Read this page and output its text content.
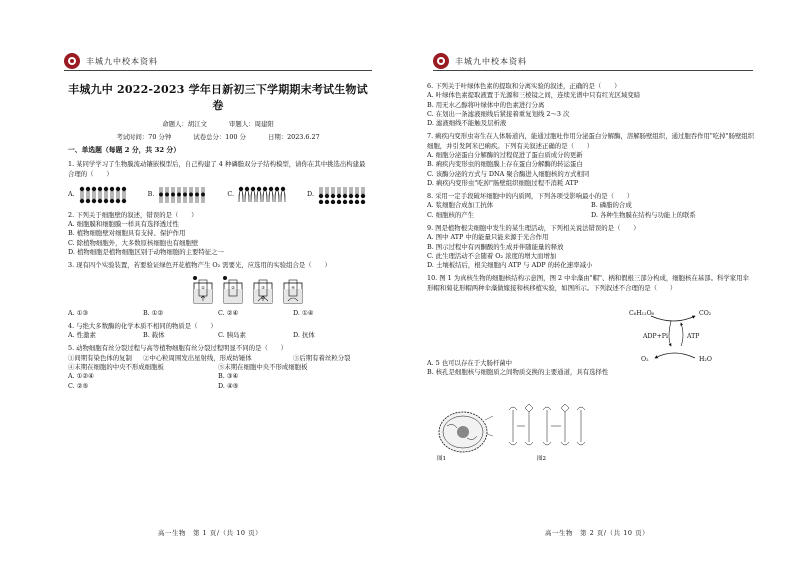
丰城九中校本资料
丰城九中 2022-2023 学年日新初三下学期期末考试生物试卷
命题人：胡江文	审题人：周建阳
考试时间：70 分钟	试卷总分：100 分	日期：2023.6.27
一、单选题（每题 2 分，共 32 分）
1. 某同学学习了生物膜流动镶嵌模型后，自己构建了 4 种磷脂双分子结构模型，请你在其中挑选出构建最合理的（　　）
A.	B.	C.	D.
2. 下列关于细胞壁的叙述，错误的是（　　）
A. 细胞膜和细胞膜一样具有选择透过性
B. 植物细胞壁对细胞具有支持、保护作用
C. 除植物细胞外，大多数原核细胞也有细胞壁
D. 植物细胞是植物细胞区别于动物细胞的主要特征之一
3. 现有四个实验装置，若要验证绿色开花植物产生 O₂ 需要光，应选用的实验组合是（　　）
①	②	③	④
A. ①③	B. ①②	C. ②④	D. ①④
4. 与绝大多数酶的化学本质不相同的物质是（　　）
A. 性激素	B. 载体	C. 胰岛素	D. 抗体
5. 动物细胞有丝分裂过程与高等植物细胞有丝分裂过程明显不同的是（　　）
①间期有染色体的复制	②中心粒周围发出星射线，形成纺锤体	③后期有着丝粒分裂
④末期在细胞的中央不形成细胞板	⑤末期在细胞中央不形成细胞板
A. ①②④	B. ③④
C. ②⑤	D. ④⑤
高一生物　第 1 页/（共 10 页）
丰城九中校本资料
6. 下列关于叶绿体色素的提取和分离实验的叙述，正确的是（　　）
A. 叶绿体色素提取液置于光源和三棱镜之间，连续光谱中只有红光区域变暗
B. 用无水乙醇将叶绿体中的色素进行分离
C. 在划出一条滤液细线后紧接着重复划线 2～3 次
D. 滤液细线不能触及层析液
7. 痢疾内变形虫寄生在人体肠道内，能通过胞吐作用分泌蛋白分解酶，溶解肠壁组织，通过胞吞作用"吃掉"肠壁组织细胞，并引发阿米巴痢疾。下列有关叙述正确的是（　　）
A. 细胞分泌蛋白分解酶的过程促进了蛋白质成分的更新
B. 痢疾内变形虫的细胞膜上存在蛋白分解酶的转运蛋白
C. 该酶分泌的方式与 DNA 聚合酶进入细胞核的方式相同
D. 痢疾内变形虫"吃掉"肠壁组织细胞过程不消耗 ATP
8. 采用一定手段破坏细胞中的内质网，下列各项受影响最小的是（　　）
A. 浆细胞合成加工抗体	B. 磷脂的合成
C. 细胞核的产生	D. 各种生物膜在结构与功能上的联系
9. 图是植物根尖细胞中发生的某生理活动，下列相关说法错误的是（　　）
A. 图中 ATP 中的能量只能来源于光合作用
B. 图示过程中有丙酮酸的生成并伴随能量的释放
C. 此生理活动不会随着 O₂ 浓度的增大而增加
D. 土壤板结后，根尖细胞内 ATP 与 ADP 的转化速率减小
10. 图 1 为真核生物的细胞核结构示意图，图 2 中伞藻由"帽"、柄和假根三部分构成，细胞核在基部。科学家用伞形帽和菊花形帽两种伞藻做嫁接和核移植实验，如图所示。下列叙述不合理的是（　　）
A. 5 也可以存在于大肠杆菌中
B. 核孔是细胞核与细胞质之间物质交换的主要通道，具有选择性
C₆H₁₂O₆	CO₂
ADP+Pi	ATP
O₂	H₂O
图1	图2
高一生物　第 2 页/（共 10 页）
